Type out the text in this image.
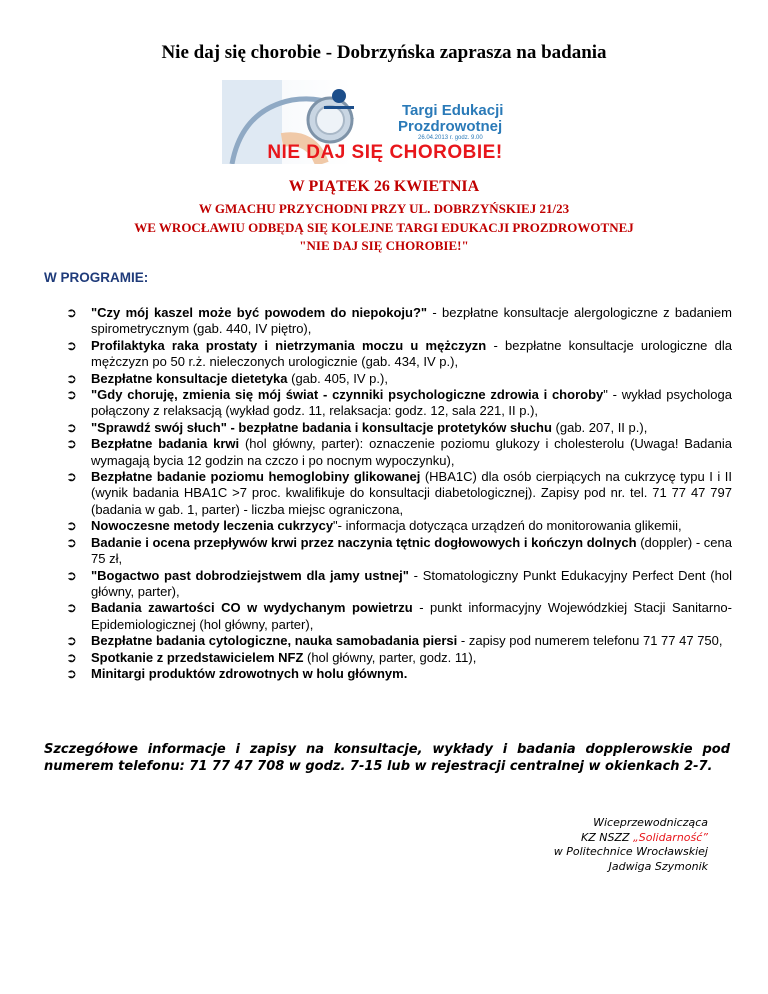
Nie daj się chorobie - Dobrzyńska zaprasza na badania
Targi Edukacji
Prozdrowotnej
26.04.2013 r. godz. 9.00
NIE DAJ SIĘ CHOROBIE!
W PIĄTEK 26 KWIETNIA
W GMACHU PRZYCHODNI PRZY UL. DOBRZYŃSKIEJ 21/23
WE WROCŁAWIU ODBĘDĄ SIĘ KOLEJNE TARGI EDUKACJI PROZDROWOTNEJ
"NIE DAJ SIĘ CHOROBIE!"
W PROGRAMIE:
➲ "Czy mój kaszel może być powodem do niepokoju?" - bezpłatne konsultacje alergologiczne z badaniem spirometrycznym (gab. 440, IV piętro),
➲ Profilaktyka raka prostaty i nietrzymania moczu u mężczyzn - bezpłatne konsultacje urologiczne dla mężczyzn po 50 r.ż. nieleczonych urologicznie (gab. 434, IV p.),
➲ Bezpłatne konsultacje dietetyka (gab. 405, IV p.),
➲ "Gdy choruję, zmienia się mój świat - czynniki psychologiczne zdrowia i choroby" - wykład psychologa połączony z relaksacją (wykład godz. 11, relaksacja: godz. 12, sala 221, II p.),
➲ "Sprawdź swój słuch" - bezpłatne badania i konsultacje protetyków słuchu (gab. 207, II p.),
➲ Bezpłatne badania krwi (hol główny, parter): oznaczenie poziomu glukozy i cholesterolu (Uwaga! Badania wymagają bycia 12 godzin na czczo i po nocnym wypoczynku),
➲ Bezpłatne badanie poziomu hemoglobiny glikowanej (HBA1C) dla osób cierpiących na cukrzycę typu I i II (wynik badania HBA1C >7 proc. kwalifikuje do konsultacji diabetologicznej). Zapisy pod nr. tel. 71 77 47 797 (badania w gab. 1, parter) - liczba miejsc ograniczona,
➲ Nowoczesne metody leczenia cukrzycy"- informacja dotycząca urządzeń do monitorowania glikemii,
➲ Badanie i ocena przepływów krwi przez naczynia tętnic dogłowowych i kończyn dolnych (doppler) - cena 75 zł,
➲ "Bogactwo past dobrodziejstwem dla jamy ustnej" - Stomatologiczny Punkt Edukacyjny Perfect Dent (hol główny, parter),
➲ Badania zawartości CO w wydychanym powietrzu - punkt informacyjny Wojewódzkiej Stacji Sanitarno-Epidemiologicznej (hol główny, parter),
➲ Bezpłatne badania cytologiczne, nauka samobadania piersi - zapisy pod numerem telefonu 71 77 47 750,
➲ Spotkanie z przedstawicielem NFZ (hol główny, parter, godz. 11),
➲ Minitargi produktów zdrowotnych w holu głównym.
Szczegółowe informacje i zapisy na konsultacje, wykłady i badania dopplerowskie pod numerem telefonu: 71 77 47 708 w godz. 7-15 lub w rejestracji centralnej w okienkach 2-7.
Wiceprzewodnicząca
KZ NSZZ „Solidarność”
w Politechnice Wrocławskiej
Jadwiga Szymonik
